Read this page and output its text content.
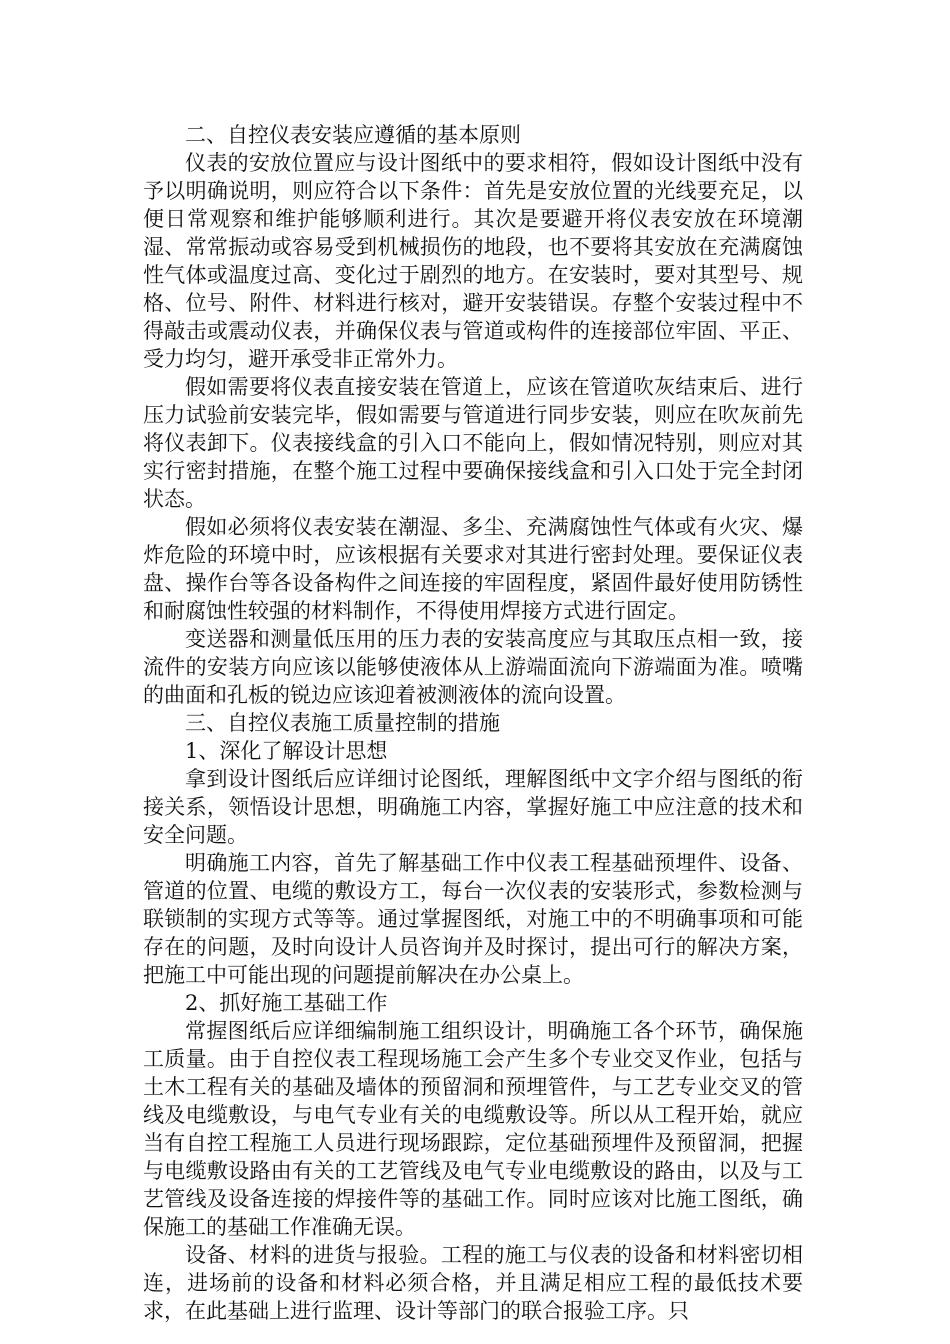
二、自控仪表安装应遵循的基本原则

仪表的安放位置应与设计图纸中的要求相符，假如设计图纸中没有予以明确说明，则应符合以下条件：首先是安放位置的光线要充足，以便日常观察和维护能够顺利进行。其次是要避开将仪表安放在环境潮湿、常常振动或容易受到机械损伤的地段，也不要将其安放在充满腐蚀性气体或温度过高、变化过于剧烈的地方。在安装时，要对其型号、规格、位号、附件、材料进行核对，避开安装错误。存整个安装过程中不得敲击或震动仪表，并确保仪表与管道或构件的连接部位牢固、平正、受力均匀，避开承受非正常外力。

假如需要将仪表直接安装在管道上，应该在管道吹灰结束后、进行压力试验前安装完毕，假如需要与管道进行同步安装，则应在吹灰前先将仪表卸下。仪表接线盒的引入口不能向上，假如情况特别，则应对其实行密封措施，在整个施工过程中要确保接线盒和引入口处于完全封闭状态。

假如必须将仪表安装在潮湿、多尘、充满腐蚀性气体或有火灾、爆炸危险的环境中时，应该根据有关要求对其进行密封处理。要保证仪表盘、操作台等各设备构件之间连接的牢固程度，紧固件最好使用防锈性和耐腐蚀性较强的材料制作，不得使用焊接方式进行固定。

变送器和测量低压用的压力表的安装高度应与其取压点相一致，接流件的安装方向应该以能够使液体从上游端面流向下游端面为准。喷嘴的曲面和孔板的锐边应该迎着被测液体的流向设置。

三、自控仪表施工质量控制的措施

1、深化了解设计思想

拿到设计图纸后应详细讨论图纸，理解图纸中文字介绍与图纸的衔接关系，领悟设计思想，明确施工内容，掌握好施工中应注意的技术和安全问题。

明确施工内容，首先了解基础工作中仪表工程基础预埋件、设备、管道的位置、电缆的敷设方工，每台一次仪表的安装形式，参数检测与联锁制的实现方式等等。通过掌握图纸，对施工中的不明确事项和可能存在的问题，及时向设计人员咨询并及时探讨，提出可行的解决方案，把施工中可能出现的问题提前解决在办公桌上。

2、抓好施工基础工作

常握图纸后应详细编制施工组织设计，明确施工各个环节，确保施工质量。由于自控仪表工程现场施工会产生多个专业交叉作业，包括与土木工程有关的基础及墙体的预留洞和预埋管件，与工艺专业交叉的管线及电缆敷设，与电气专业有关的电缆敷设等。所以从工程开始，就应当有自控工程施工人员进行现场跟踪，定位基础预埋件及预留洞，把握与电缆敷设路由有关的工艺管线及电气专业电缆敷设的路由，以及与工艺管线及设备连接的焊接件等的基础工作。同时应该对比施工图纸，确保施工的基础工作准确无误。

设备、材料的进货与报验。工程的施工与仪表的设备和材料密切相连，进场前的设备和材料必须合格，并且满足相应工程的最低技术要求，在此基础上进行监理、设计等部门的联合报验工序。只
